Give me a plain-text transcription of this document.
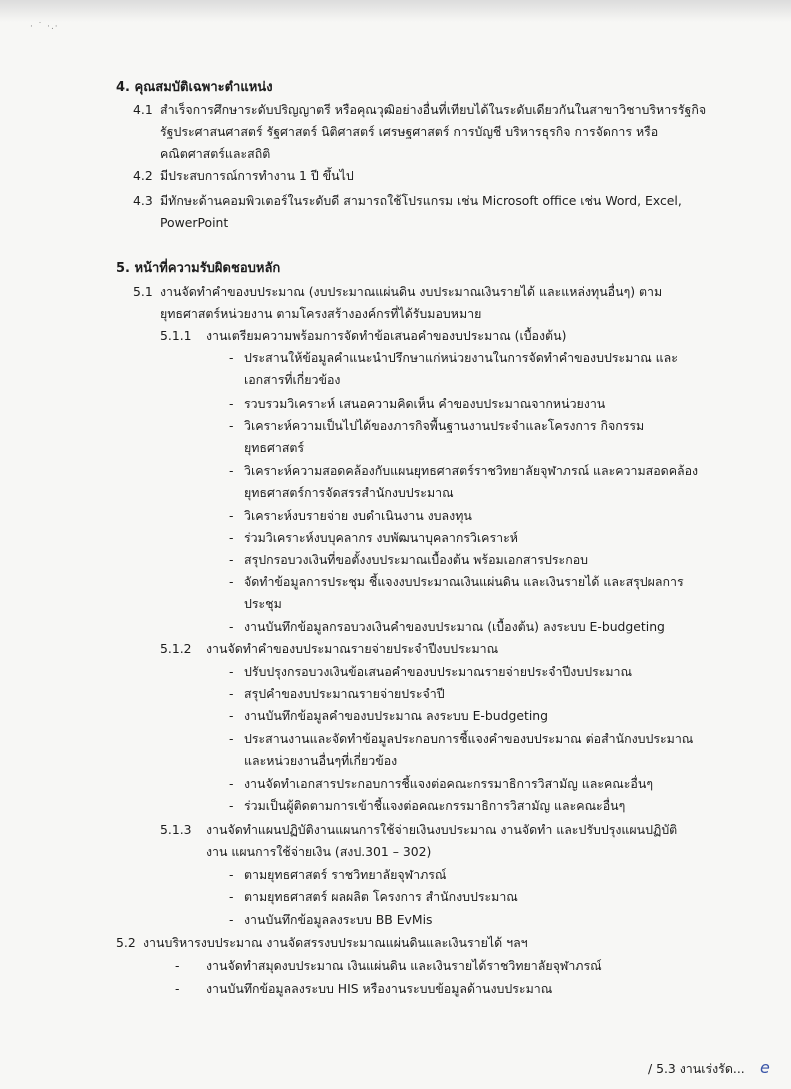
· ˙ ·.·
4. คุณสมบัติเฉพาะตำแหน่ง
4.1 สำเร็จการศึกษาระดับปริญญาตรี หรือคุณวุฒิอย่างอื่นที่เทียบได้ในระดับเดียวกันในสาขาวิชาบริหารรัฐกิจ
รัฐประศาสนศาสตร์ รัฐศาสตร์ นิติศาสตร์ เศรษฐศาสตร์ การบัญชี บริหารธุรกิจ การจัดการ หรือ
คณิตศาสตร์และสถิติ
4.2 มีประสบการณ์การทำงาน 1 ปี ขึ้นไป
4.3 มีทักษะด้านคอมพิวเตอร์ในระดับดี สามารถใช้โปรแกรม เช่น Microsoft office เช่น Word, Excel,
PowerPoint
5. หน้าที่ความรับผิดชอบหลัก
5.1 งานจัดทำคำของบประมาณ (งบประมาณแผ่นดิน งบประมาณเงินรายได้ และแหล่งทุนอื่นๆ) ตาม
ยุทธศาสตร์หน่วยงาน ตามโครงสร้างองค์กรที่ได้รับมอบหมาย
5.1.1 งานเตรียมความพร้อมการจัดทำข้อเสนอคำของบประมาณ (เบื้องต้น)
- ประสานให้ข้อมูลคำแนะนำปรึกษาแก่หน่วยงานในการจัดทำคำของบประมาณ และ
เอกสารที่เกี่ยวข้อง
- รวบรวมวิเคราะห์ เสนอความคิดเห็น คำของบประมาณจากหน่วยงาน
- วิเคราะห์ความเป็นไปได้ของภารกิจพื้นฐานงานประจำและโครงการ กิจกรรม
ยุทธศาสตร์
- วิเคราะห์ความสอดคล้องกับแผนยุทธศาสตร์ราชวิทยาลัยจุฬาภรณ์ และความสอดคล้อง
ยุทธศาสตร์การจัดสรรสำนักงบประมาณ
- วิเคราะห์งบรายจ่าย งบดำเนินงาน งบลงทุน
- ร่วมวิเคราะห์งบบุคลากร งบพัฒนาบุคลากรวิเคราะห์
- สรุปกรอบวงเงินที่ขอตั้งงบประมาณเบื้องต้น พร้อมเอกสารประกอบ
- จัดทำข้อมูลการประชุม ชี้แจงงบประมาณเงินแผ่นดิน และเงินรายได้ และสรุปผลการ
ประชุม
- งานบันทึกข้อมูลกรอบวงเงินคำของบประมาณ (เบื้องต้น) ลงระบบ E-budgeting
5.1.2 งานจัดทำคำของบประมาณรายจ่ายประจำปีงบประมาณ
- ปรับปรุงกรอบวงเงินข้อเสนอคำของบประมาณรายจ่ายประจำปีงบประมาณ
- สรุปคำของบประมาณรายจ่ายประจำปี
- งานบันทึกข้อมูลคำของบประมาณ ลงระบบ E-budgeting
- ประสานงานและจัดทำข้อมูลประกอบการชี้แจงคำของบประมาณ ต่อสำนักงบประมาณ
และหน่วยงานอื่นๆที่เกี่ยวข้อง
- งานจัดทำเอกสารประกอบการชี้แจงต่อคณะกรรมาธิการวิสามัญ และคณะอื่นๆ
- ร่วมเป็นผู้ติดตามการเข้าชี้แจงต่อคณะกรรมาธิการวิสามัญ และคณะอื่นๆ
5.1.3 งานจัดทำแผนปฏิบัติงานแผนการใช้จ่ายเงินงบประมาณ งานจัดทำ และปรับปรุงแผนปฏิบัติ
งาน แผนการใช้จ่ายเงิน (สงป.301 – 302)
- ตามยุทธศาสตร์ ราชวิทยาลัยจุฬาภรณ์
- ตามยุทธศาสตร์ ผลผลิต โครงการ สำนักงบประมาณ
- งานบันทึกข้อมูลลงระบบ BB EvMis
5.2 งานบริหารงบประมาณ งานจัดสรรงบประมาณแผ่นดินและเงินรายได้ ฯลฯ
- งานจัดทำสมุดงบประมาณ เงินแผ่นดิน และเงินรายได้ราชวิทยาลัยจุฬาภรณ์
- งานบันทึกข้อมูลลงระบบ HIS หรืองานระบบข้อมูลด้านงบประมาณ
/ 5.3 งานเร่งรัด... e
